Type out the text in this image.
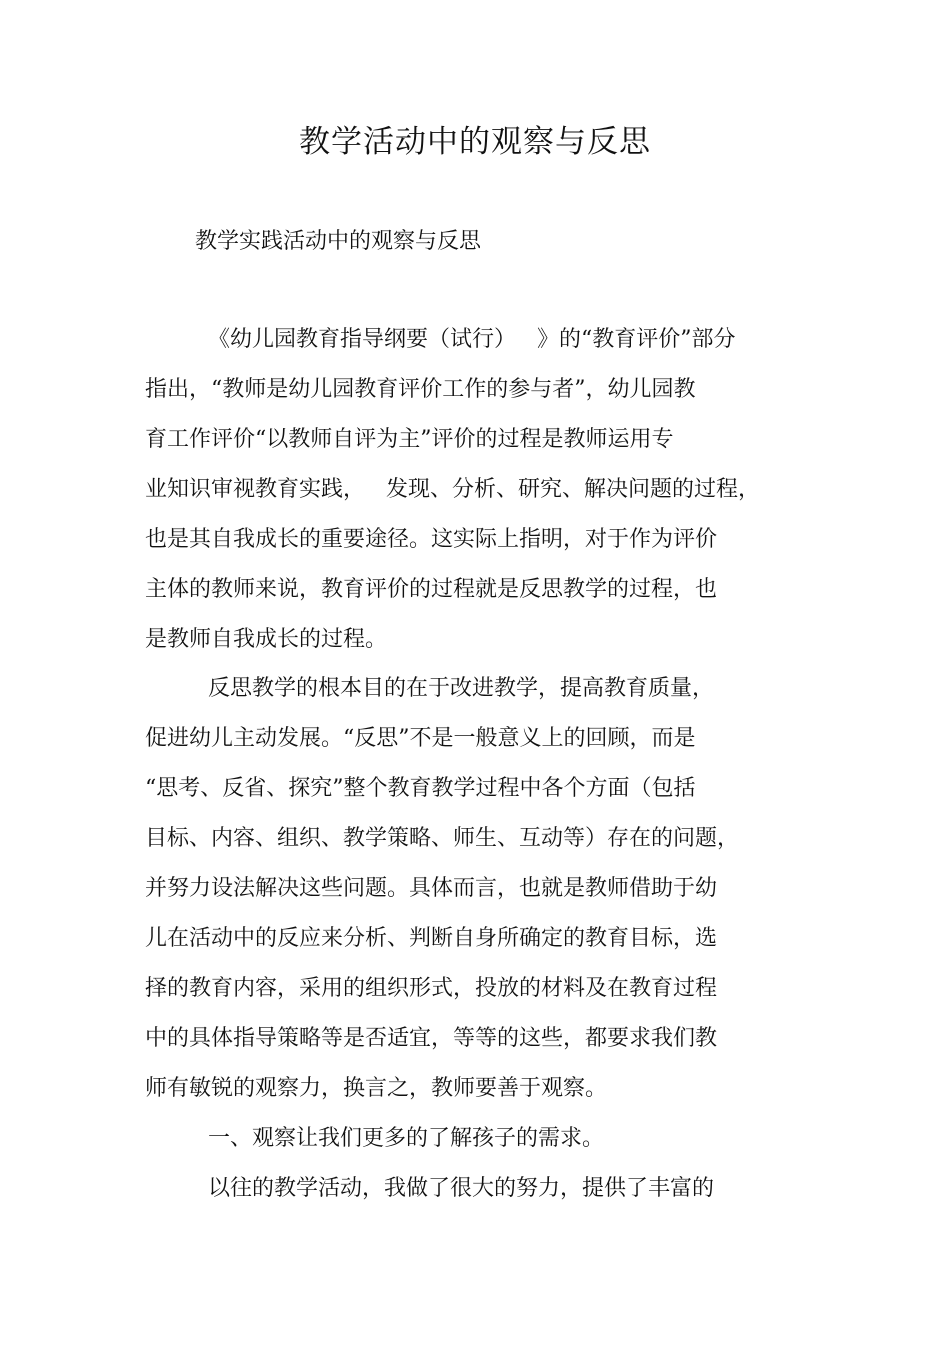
教学活动中的观察与反思

教学实践活动中的观察与反思

《幼儿园教育指导纲要（试行）   》的“教育评价”部分

指出，“教师是幼儿园教育评价工作的参与者”，幼儿园教

育工作评价“以教师自评为主”评价的过程是教师运用专

业知识审视教育实践，   发现、分析、研究、解决问题的过程，

也是其自我成长的重要途径。这实际上指明，对于作为评价

主体的教师来说，教育评价的过程就是反思教学的过程，也

是教师自我成长的过程。

反思教学的根本目的在于改进教学，提高教育质量，

促进幼儿主动发展。“反思”不是一般意义上的回顾，而是

“思考、反省、探究”整个教育教学过程中各个方面（包括

目标、内容、组织、教学策略、师生、互动等）存在的问题，

并努力设法解决这些问题。具体而言，也就是教师借助于幼

儿在活动中的反应来分析、判断自身所确定的教育目标，选

择的教育内容，采用的组织形式，投放的材料及在教育过程

中的具体指导策略等是否适宜，等等的这些，都要求我们教

师有敏锐的观察力，换言之，教师要善于观察。

一、观察让我们更多的了解孩子的需求。

以往的教学活动，我做了很大的努力，提供了丰富的
